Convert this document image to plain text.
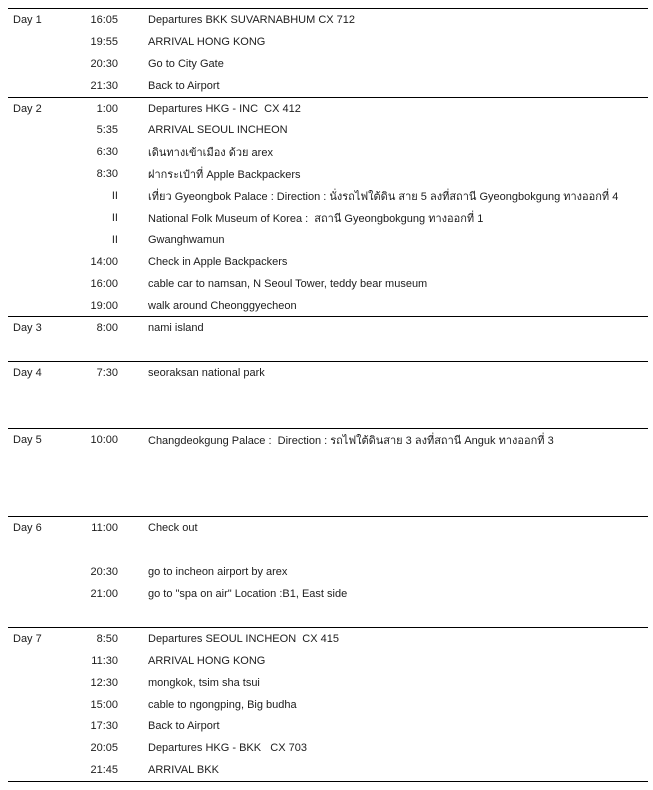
Day 1	16:05	Departures BKK SUVARNABHUM CX 712
19:55	ARRIVAL HONG KONG
20:30	Go to City Gate
21:30	Back to Airport
Day 2	1:00	Departures HKG - INC  CX 412
5:35	ARRIVAL SEOUL INCHEON
6:30	เดินทางเข้าเมือง ด้วย arex
8:30	ฝากระเป๋าที่ Apple Backpackers
II	เที่ยว Gyeongbok Palace : Direction : นั่งรถไฟใต้ดิน สาย 5 ลงที่สถานี Gyeongbokgung ทางออกที่ 4
II	National Folk Museum of Korea :  สถานี Gyeongbokgung ทางออกที่ 1
II	Gwanghwamun
14:00	Check in Apple Backpackers
16:00	cable car to namsan, N Seoul Tower, teddy bear museum
19:00	walk around Cheonggyecheon
Day 3	8:00	nami island
Day 4	7:30	seoraksan national park
Day 5	10:00	Changdeokgung Palace :  Direction : รถไฟใต้ดินสาย 3 ลงที่สถานี Anguk ทางออกที่ 3
Day 6	11:00	Check out
20:30	go to incheon airport by arex
21:00	go to "spa on air" Location :B1, East side
Day 7	8:50	Departures SEOUL INCHEON  CX 415
11:30	ARRIVAL HONG KONG
12:30	mongkok, tsim sha tsui
15:00	cable to ngongping, Big budha
17:30	Back to Airport
20:05	Departures HKG - BKK   CX 703
21:45	ARRIVAL BKK
